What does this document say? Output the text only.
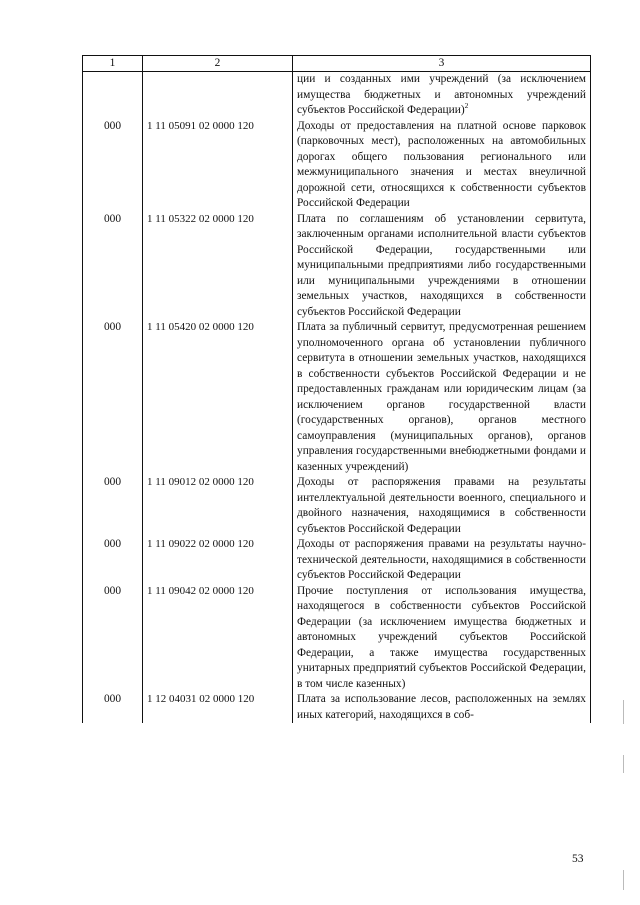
1	2	3
		ции и созданных ими учреждений (за исключением имущества бюджетных и автономных учреждений субъектов Российской Федерации)$^2$
000	1 11 05091 02 0000 120	Доходы от предоставления на платной основе парковок (парковочных мест), расположенных на автомобильных дорогах общего пользования регионального или межмуниципального значения и местах внеуличной дорожной сети, относящихся к собственности субъектов Российской Федерации
000	1 11 05322 02 0000 120	Плата по соглашениям об установлении сервитута, заключенным органами исполнительной власти субъектов Российской Федерации, государственными или муниципальными предприятиями либо государственными или муниципальными учреждениями в отношении земельных участков, находящихся в собственности субъектов Российской Федерации
000	1 11 05420 02 0000 120	Плата за публичный сервитут, предусмотренная решением уполномоченного органа об установлении публичного сервитута в отношении земельных участков, находящихся в собственности субъектов Российской Федерации и не предоставленных гражданам или юридическим лицам (за исключением органов государственной власти (государственных органов), органов местного самоуправления (муниципальных органов), органов управления государственными внебюджетными фондами и казенных учреждений)
000	1 11 09012 02 0000 120	Доходы от распоряжения правами на результаты интеллектуальной деятельности военного, специального и двойного назначения, находящимися в собственности субъектов Российской Федерации
000	1 11 09022 02 0000 120	Доходы от распоряжения правами на результаты научно-технической деятельности, находящимися в собственности субъектов Российской Федерации
000	1 11 09042 02 0000 120	Прочие поступления от использования имущества, находящегося в собственности субъектов Российской Федерации (за исключением имущества бюджетных и автономных учреждений субъектов Российской Федерации, а также имущества государственных унитарных предприятий субъектов Российской Федерации, в том числе казенных)
000	1 12 04031 02 0000 120	Плата за использование лесов, расположенных на землях иных категорий, находящихся в соб-
53
